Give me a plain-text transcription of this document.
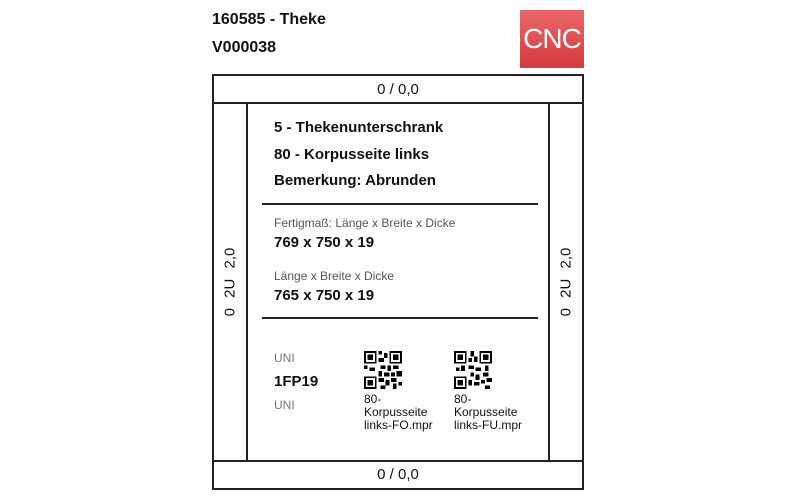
160585 - Theke
V000038	CNC
0 / 0,0
0 2U 2,0
5 - Thekenunterschrank
80 - Korpusseite links
Bemerkung: Abrunden
Fertigmaß: Länge x Breite x Dicke
769 x 750 x 19
Länge x Breite x Dicke
765 x 750 x 19
UNI
1FP19
UNI	80-
Korpusseite
links-FO.mpr
80-
Korpusseite
links-FU.mpr
0 2U 2,0
0 / 0,0
